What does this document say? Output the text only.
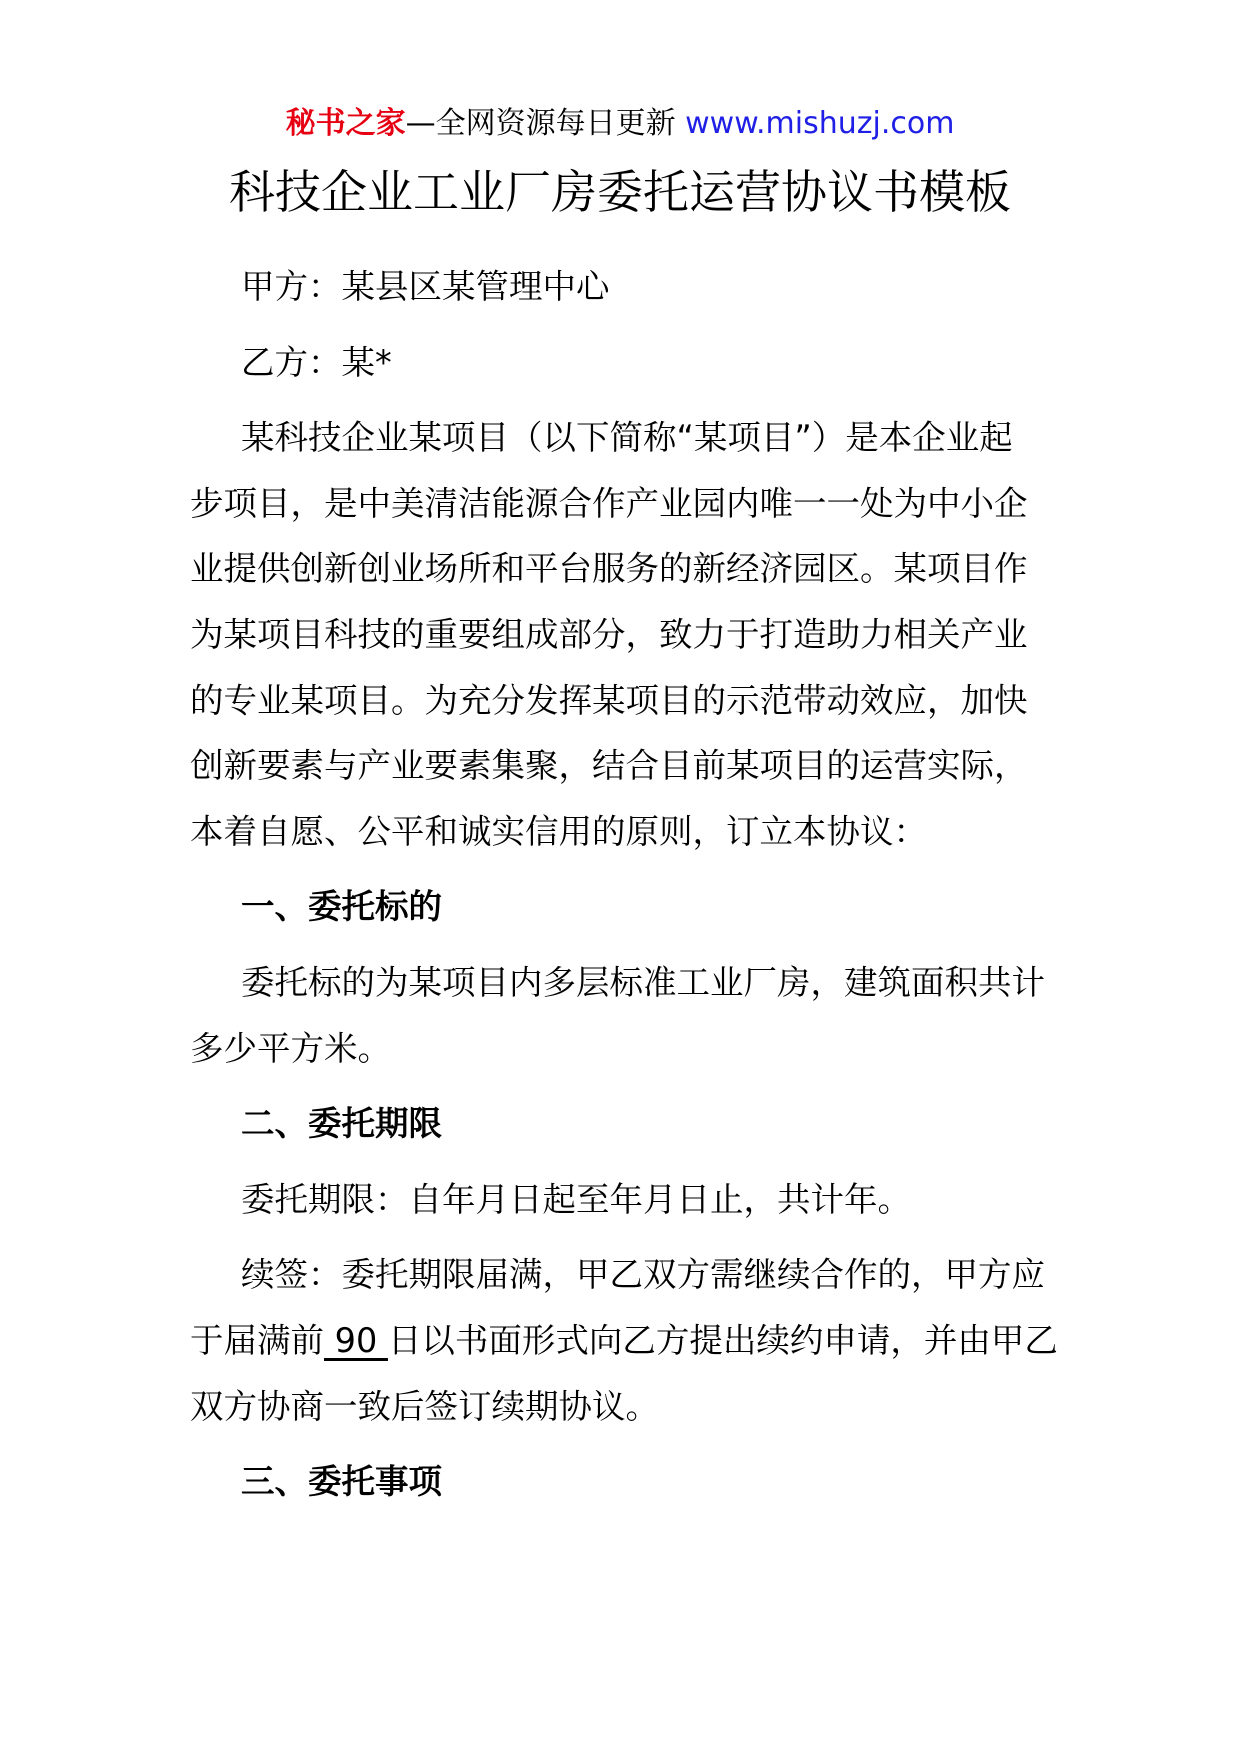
秘书之家—全网资源每日更新 www.mishuzj.com
科技企业工业厂房委托运营协议书模板
甲方：某县区某管理中心
乙方：某*
某科技企业某项目（以下简称“某项目”）是本企业起
步项目，是中美清洁能源合作产业园内唯一一处为中小企
业提供创新创业场所和平台服务的新经济园区。某项目作
为某项目科技的重要组成部分，致力于打造助力相关产业
的专业某项目。为充分发挥某项目的示范带动效应，加快
创新要素与产业要素集聚，结合目前某项目的运营实际，
本着自愿、公平和诚实信用的原则，订立本协议：
一、委托标的
委托标的为某项目内多层标准工业厂房，建筑面积共计
多少平方米。
二、委托期限
委托期限：自年月日起至年月日止，共计年。
续签：委托期限届满，甲乙双方需继续合作的，甲方应
于届满前 90 日以书面形式向乙方提出续约申请，并由甲乙
双方协商一致后签订续期协议。
三、委托事项
